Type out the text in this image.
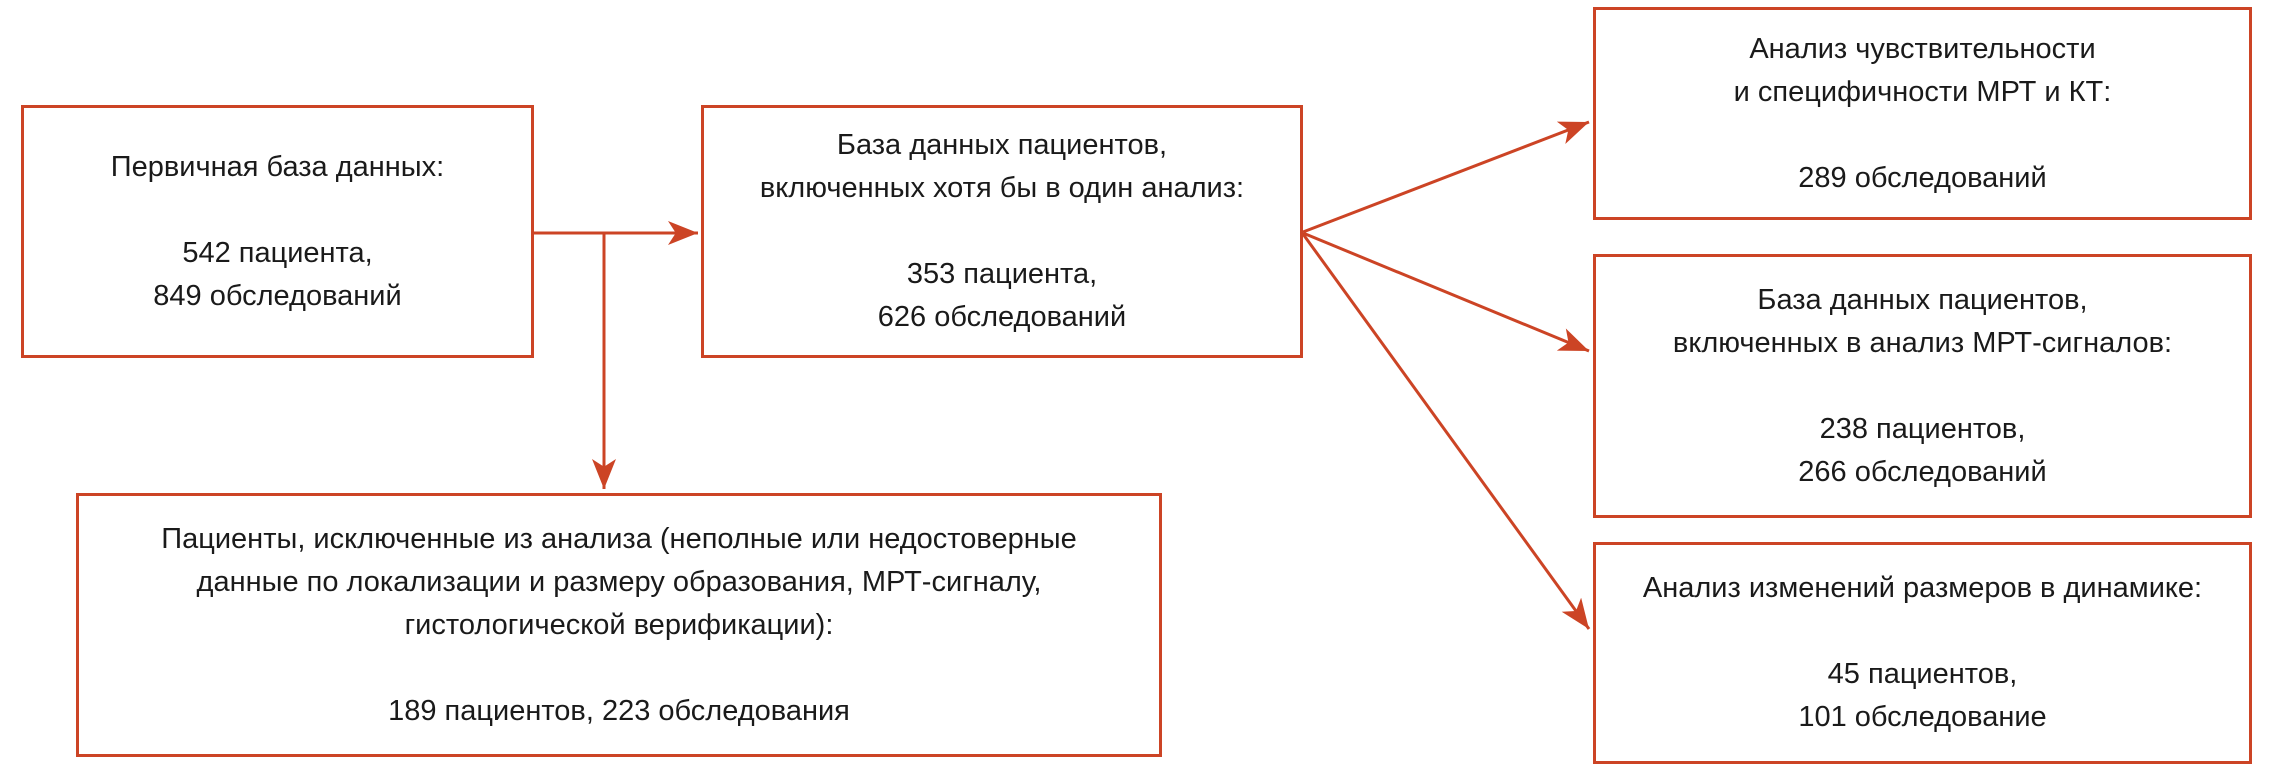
Первичная база данных:
542 пациента,
849 обследований
База данных пациентов,
включенных хотя бы в один анализ:
353 пациента,
626 обследований
Пациенты, исключенные из анализа (неполные или недостоверные
данные по локализации и размеру образования, МРТ-сигналу,
гистологической верификации):
189 пациентов, 223 обследования
Анализ чувствительности
и специфичности МРТ и КТ:
289 обследований
База данных пациентов,
включенных в анализ МРТ-сигналов:
238 пациентов,
266 обследований
Анализ изменений размеров в динамике:
45 пациентов,
101 обследование
